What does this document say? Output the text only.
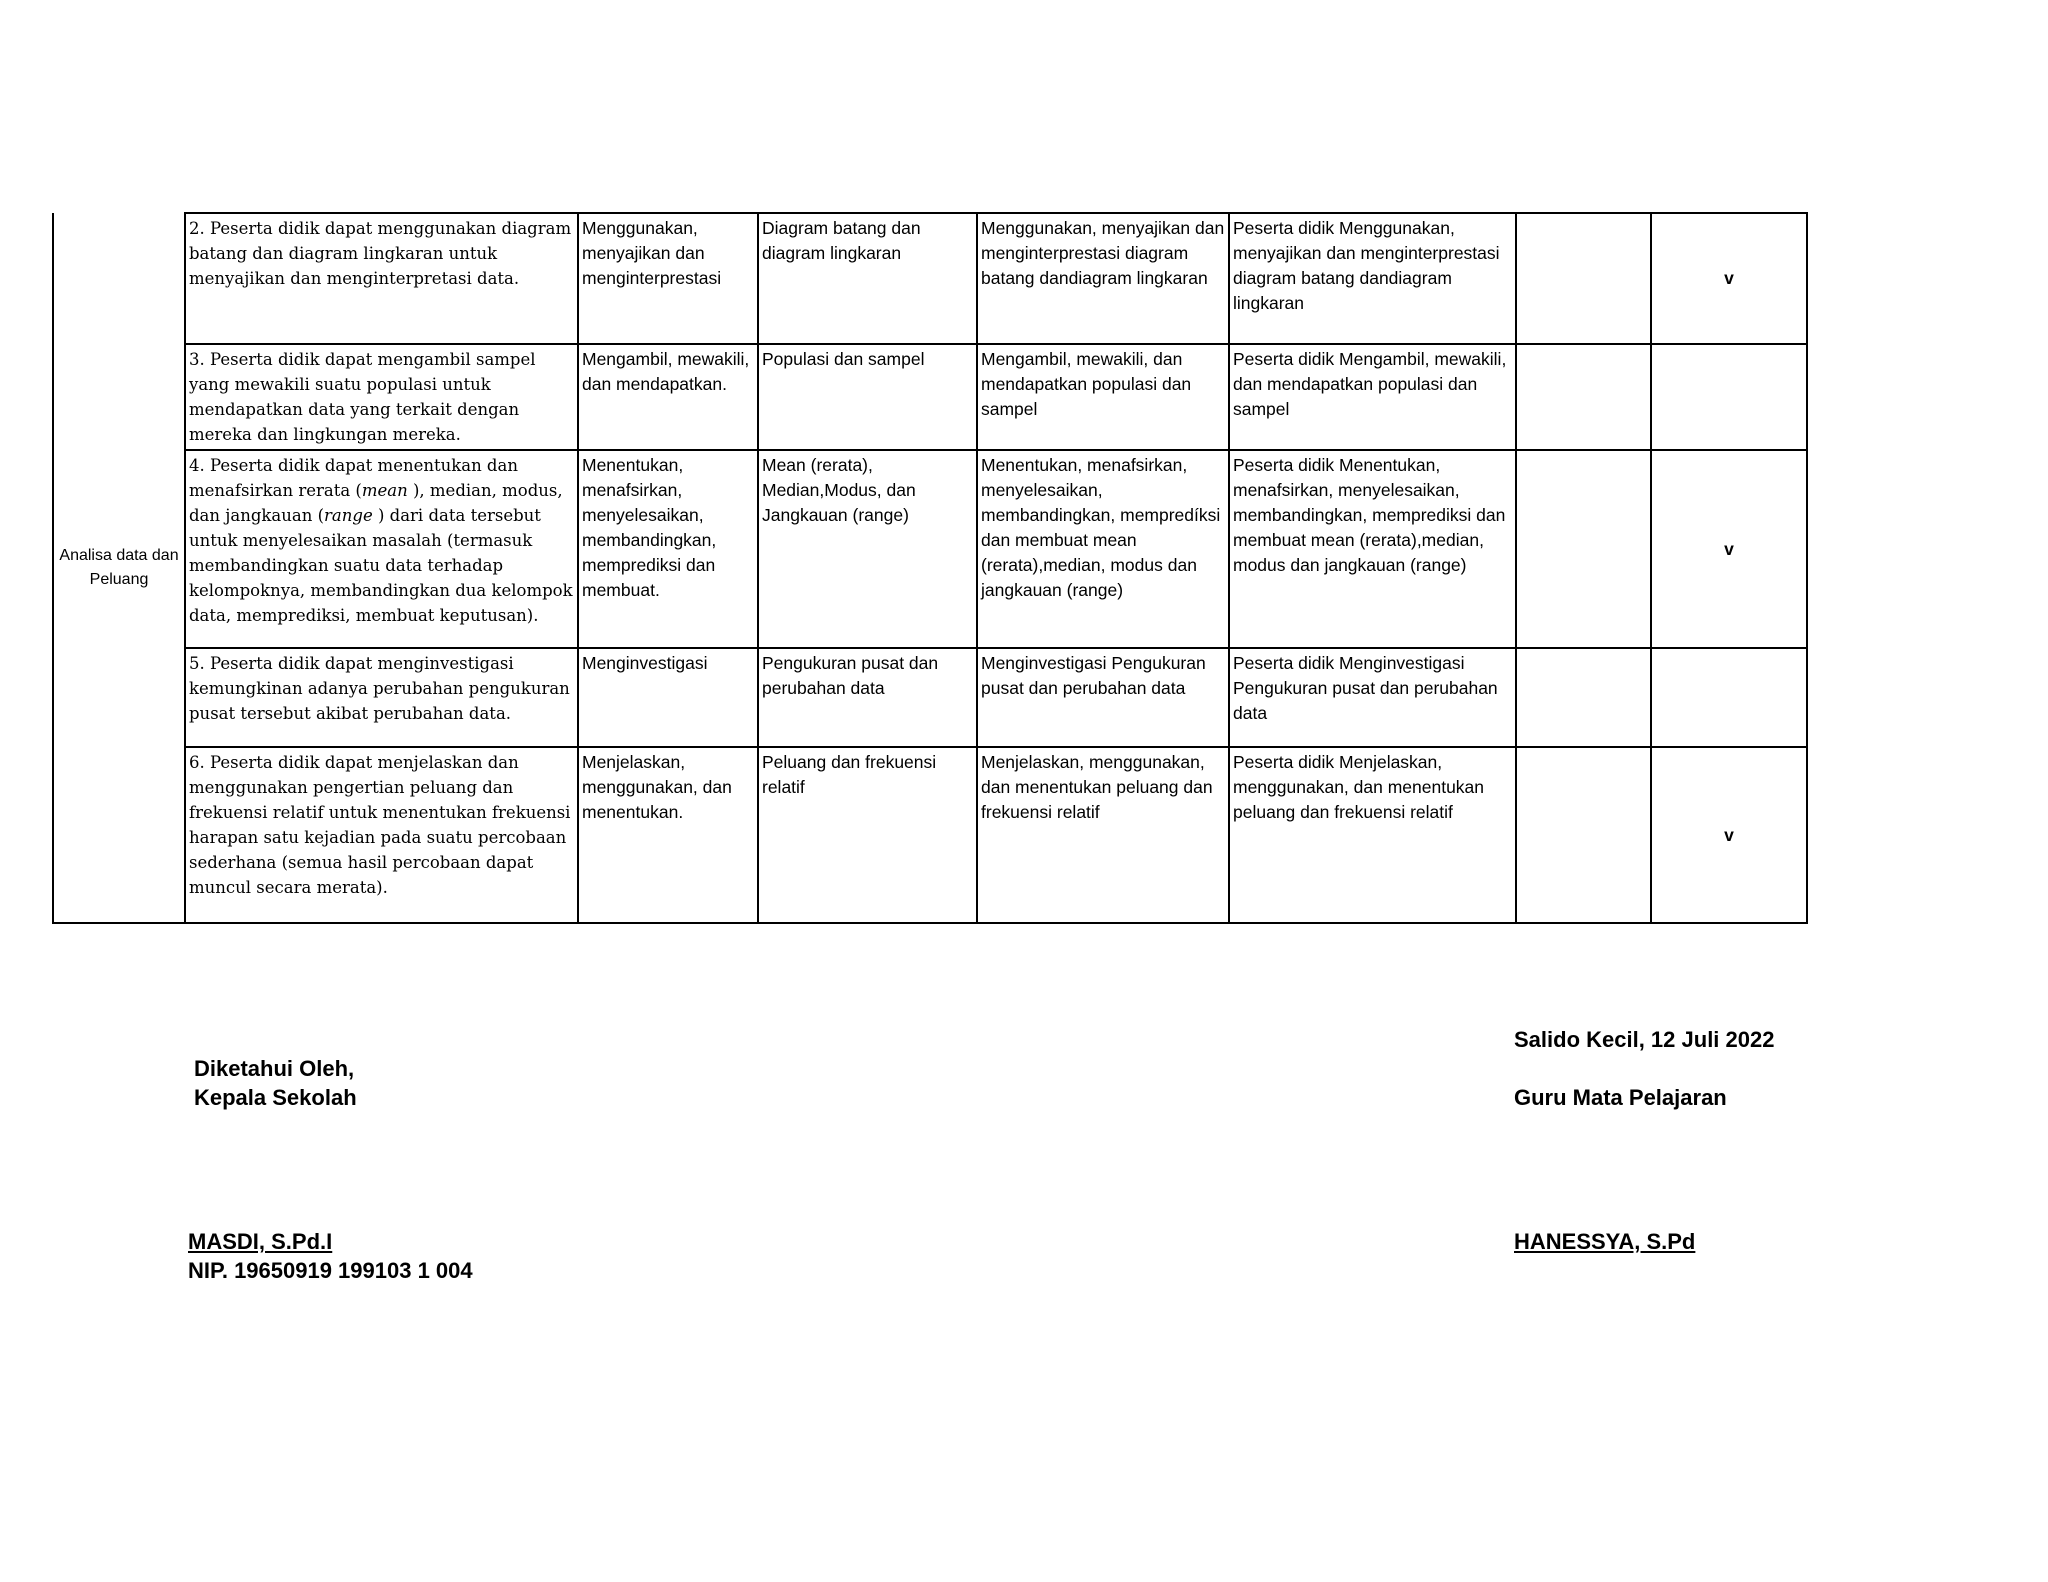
Analisa data dan Peluang	2. Peserta didik dapat menggunakan diagram batang dan diagram lingkaran untuk menyajikan dan menginterpretasi data.	Menggunakan, menyajikan dan menginterprestasi	Diagram batang dan diagram lingkaran	Menggunakan, menyajikan dan menginterprestasi diagram batang dandiagram lingkaran	Peserta didik Menggunakan, menyajikan dan menginterprestasi diagram batang dandiagram lingkaran		v
	3. Peserta didik dapat mengambil sampel yang mewakili suatu populasi untuk mendapatkan data yang terkait dengan mereka dan lingkungan mereka.	Mengambil, mewakili, dan mendapatkan.	Populasi dan sampel	Mengambil, mewakili, dan mendapatkan populasi dan sampel	Peserta didik Mengambil, mewakili, dan mendapatkan populasi dan sampel		
	4. Peserta didik dapat menentukan dan menafsirkan rerata (mean ), median, modus, dan jangkauan (range ) dari data tersebut untuk menyelesaikan masalah (termasuk membandingkan suatu data terhadap kelompoknya, membandingkan dua kelompok data, memprediksi, membuat keputusan).	Menentukan, menafsirkan, menyelesaikan, membandingkan, memprediksi dan membuat.	Mean (rerata), Median,Modus, dan Jangkauan (range)	Menentukan, menafsirkan, menyelesaikan, membandingkan, mempredíksi dan membuat mean (rerata),median, modus dan jangkauan (range)	Peserta didik Menentukan, menafsirkan, menyelesaikan, membandingkan, memprediksi dan membuat mean (rerata),median, modus dan jangkauan (range)		v
	5. Peserta didik dapat menginvestigasi kemungkinan adanya perubahan pengukuran pusat tersebut akibat perubahan data.	Menginvestigasi	Pengukuran pusat dan perubahan data	Menginvestigasi Pengukuran pusat dan perubahan data	Peserta didik Menginvestigasi Pengukuran pusat dan perubahan data		
	6. Peserta didik dapat menjelaskan dan menggunakan pengertian peluang dan frekuensi relatif untuk menentukan frekuensi harapan satu kejadian pada suatu percobaan sederhana (semua hasil percobaan dapat muncul secara merata).	Menjelaskan, menggunakan, dan menentukan.	Peluang dan frekuensi relatif	Menjelaskan, menggunakan, dan menentukan peluang dan frekuensi relatif	Peserta didik Menjelaskan, menggunakan, dan menentukan peluang dan frekuensi relatif		v
Diketahui Oleh,
Kepala Sekolah
MASDI, S.Pd.I
NIP. 19650919 199103 1 004
Salido Kecil, 12 Juli 2022
Guru Mata Pelajaran
HANESSYA, S.Pd
